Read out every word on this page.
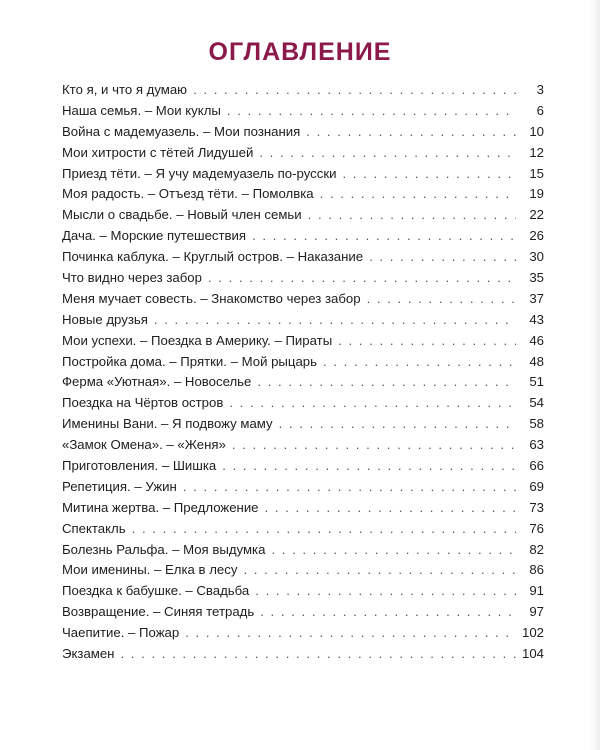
ОГЛАВЛЕНИЕ
Кто я, и что я думаю . . .	3
Наша семья. – Мои куклы . . .	6
Война с мадемуазель. – Мои познания . . .	10
Мои хитрости с тётей Лидушей . . .	12
Приезд тёти. – Я учу мадемуазель по-русски . . .	15
Моя радость. – Отъезд тёти. – Помолвка . . .	19
Мысли о свадьбе. – Новый член семьи . . .	22
Дача. – Морские путешествия . . .	26
Починка каблука. – Круглый остров. – Наказание . . .	30
Что видно через забор . . .	35
Меня мучает совесть. – Знакомство через забор . . .	37
Новые друзья . . .	43
Мои успехи. – Поездка в Америку. – Пираты . . .	46
Постройка дома. – Прятки. – Мой рыцарь . . .	48
Ферма «Уютная». – Новоселье . . .	51
Поездка на Чёртов остров . . .	54
Именины Вани. – Я подвожу маму . . .	58
«Замок Омена». – «Женя» . . .	63
Приготовления. – Шишка . . .	66
Репетиция. – Ужин . . .	69
Митина жертва. – Предложение . . .	73
Спектакль . . .	76
Болезнь Ральфа. – Моя выдумка . . .	82
Мои именины. – Елка в лесу . . .	86
Поездка к бабушке. – Свадьба . . .	91
Возвращение. – Синяя тетрадь . . .	97
Чаепитие. – Пожар . . .	102
Экзамен . . .	104
